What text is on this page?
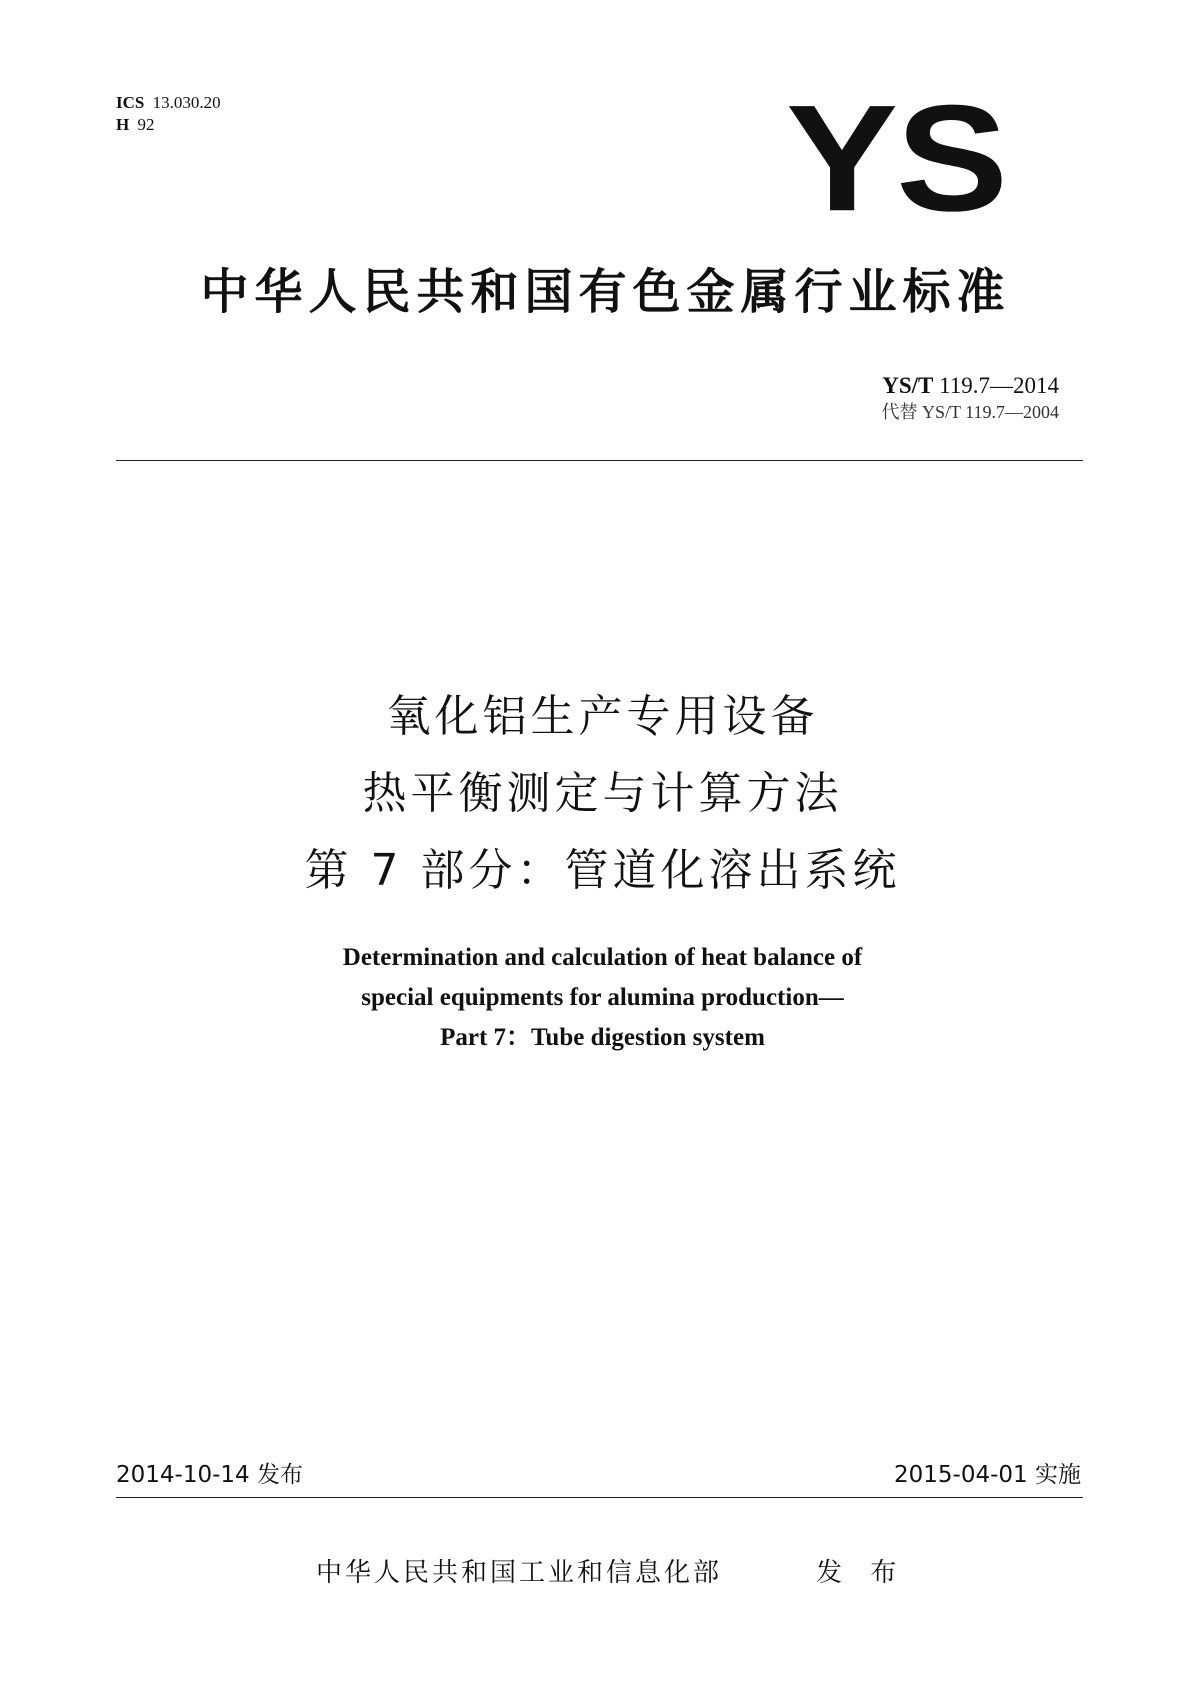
ICS 13.030.20
H 92	YS
中华人民共和国有色金属行业标准
YS/T 119.7—2014
代替 YS/T 119.7—2004
氧化铝生产专用设备
热平衡测定与计算方法
第 7 部分：管道化溶出系统
Determination and calculation of heat balance of
special equipments for alumina production—
Part 7：Tube digestion system
2014-10-14 发布	2015-04-01 实施
中华人民共和国工业和信息化部	发 布
